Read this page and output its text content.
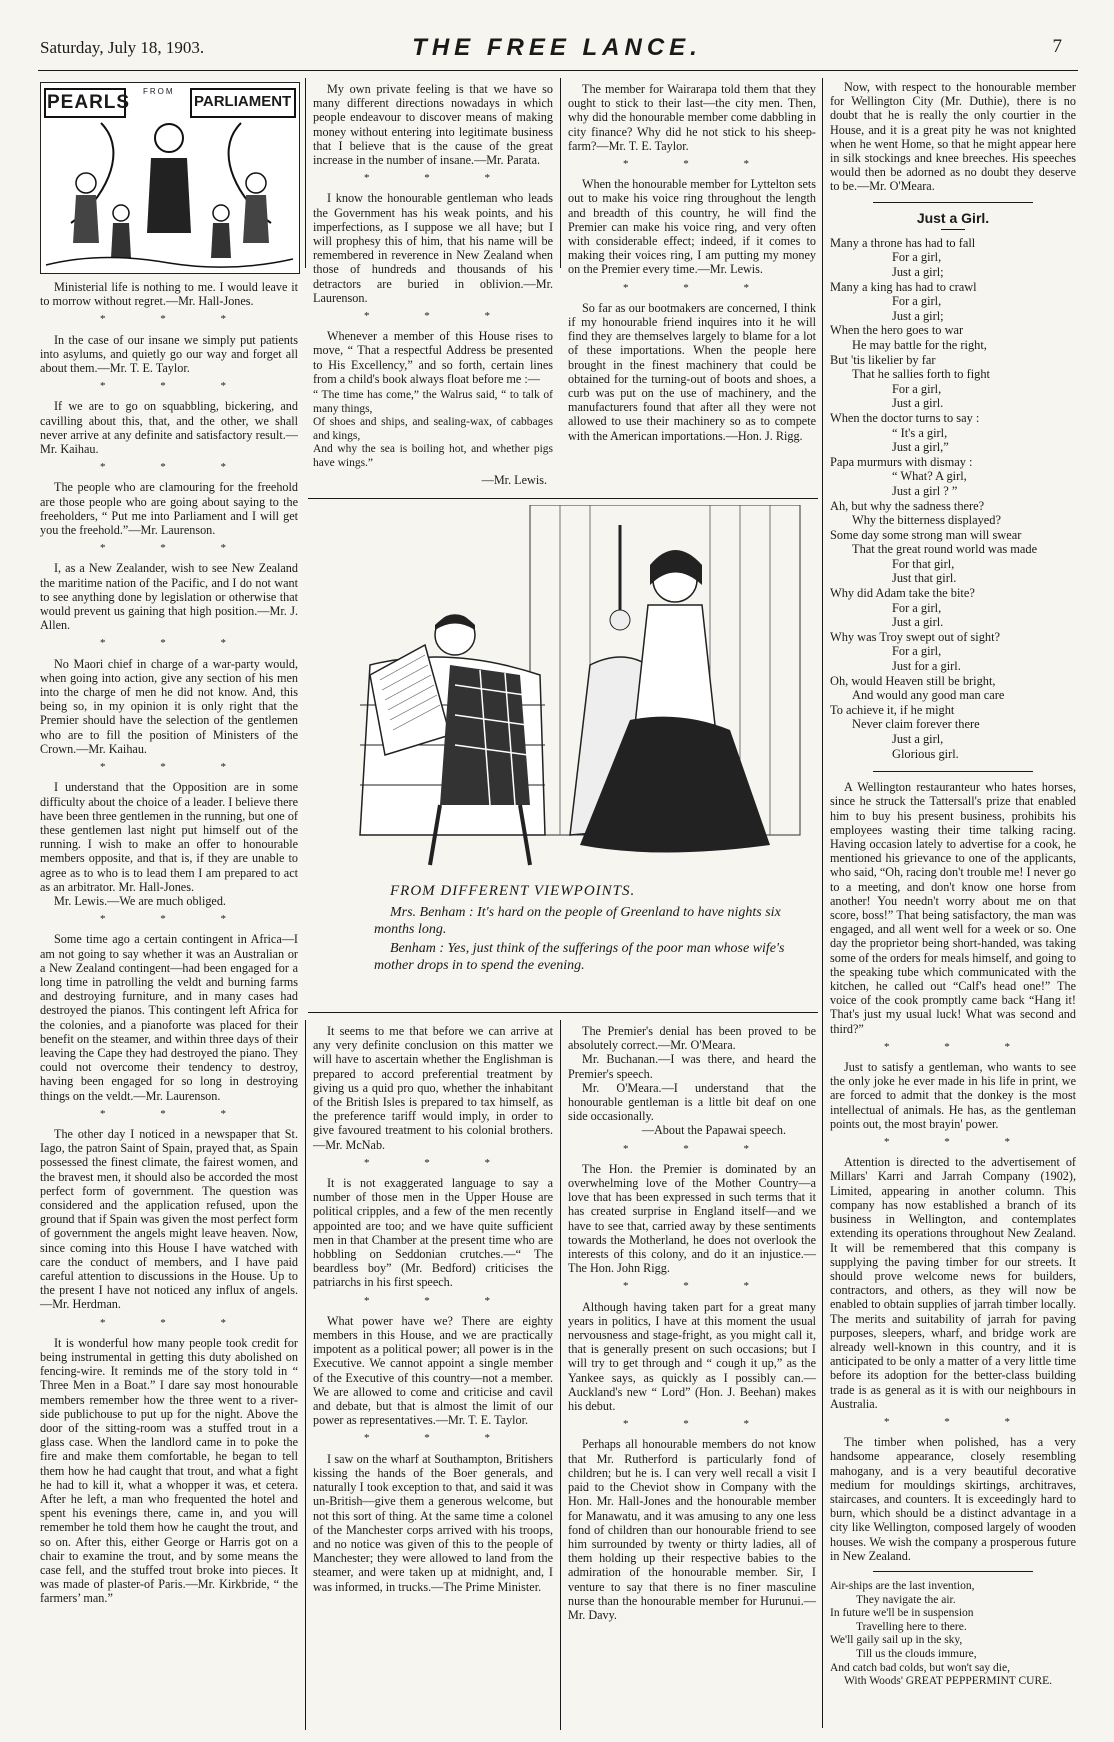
Saturday, July 18, 1903.	THE FREE LANCE.	7
PEARLS
FROM
PARLIAMENT

Ministerial life is nothing to me. I would leave it to morrow without regret.—Mr. Hall-Jones.

* * *

In the case of our insane we simply put patients into asylums, and quietly go our way and forget all about them.—Mr. T. E. Taylor.

* * *

If we are to go on squabbling, bickering, and cavilling about this, that, and the other, we shall never arrive at any definite and satisfactory result.—Mr. Kaihau.

* * *

The people who are clamouring for the freehold are those people who are going about saying to the freeholders, “ Put me into Parliament and I will get you the freehold.”—Mr. Laurenson.

* * *

I, as a New Zealander, wish to see New Zealand the maritime nation of the Pacific, and I do not want to see anything done by legislation or otherwise that would prevent us gaining that high position.—Mr. J. Allen.

* * *

No Maori chief in charge of a war-party would, when going into action, give any section of his men into the charge of men he did not know. And, this being so, in my opinion it is only right that the Premier should have the selection of the gentlemen who are to fill the position of Ministers of the Crown.—Mr. Kaihau.

* * *

I understand that the Opposition are in some difficulty about the choice of a leader. I believe there have been three gentlemen in the running, but one of these gentlemen last night put himself out of the running. I wish to make an offer to honourable members opposite, and that is, if they are unable to agree as to who is to lead them I am prepared to act as an arbitrator. Mr. Hall-Jones.

Mr. Lewis.—We are much obliged.

* * *

Some time ago a certain contingent in Africa—I am not going to say whether it was an Australian or a New Zealand contingent—had been engaged for a long time in patrolling the veldt and burning farms and destroying furniture, and in many cases had destroyed the pianos. This contingent left Africa for the colonies, and a pianoforte was placed for their benefit on the steamer, and within three days of their leaving the Cape they had destroyed the piano. They could not overcome their tendency to destroy, having been engaged for so long in destroying things on the veldt.—Mr. Laurenson.

* * *

The other day I noticed in a newspaper that St. Iago, the patron Saint of Spain, prayed that, as Spain possessed the finest climate, the fairest women, and the bravest men, it should also be accorded the most perfect form of government. The question was considered and the application refused, upon the ground that if Spain was given the most perfect form of government the angels might leave heaven. Now, since coming into this House I have watched with care the conduct of members, and I have paid careful attention to discussions in the House. Up to the present I have not noticed any influx of angels.—Mr. Herdman.

* * *

It is wonderful how many people took credit for being instrumental in getting this duty abolished on fencing-wire. It reminds me of the story told in “ Three Men in a Boat.” I dare say most honourable members remember how the three went to a river-side publichouse to put up for the night. Above the door of the sitting-room was a stuffed trout in a glass case. When the landlord came in to poke the fire and make them comfortable, he began to tell them how he had caught that trout, and what a fight he had to kill it, what a whopper it was, et cetera. After he left, a man who frequented the hotel and spent his evenings there, came in, and you will remember he told them how he caught the trout, and so on. After this, either George or Harris got on a chair to examine the trout, and by some means the case fell, and the stuffed trout broke into pieces. It was made of plaster-of Paris.—Mr. Kirkbride, “ the farmers’ man.”

My own private feeling is that we have so many different directions nowadays in which people endeavour to discover means of making money without entering into legitimate business that I believe that is the cause of the great increase in the number of insane.—Mr. Parata.

* * *

I know the honourable gentleman who leads the Government has his weak points, and his imperfections, as I suppose we all have; but I will prophesy this of him, that his name will be remembered in reverence in New Zealand when those of hundreds and thousands of his detractors are buried in oblivion.—Mr. Laurenson.

* * *

Whenever a member of this House rises to move, “ That a respectful Address be presented to His Excellency,” and so forth, certain lines from a child's book always float before me :—

“ The time has come,” the Walrus said, “ to talk of many things,
Of shoes and ships, and sealing-wax, of cabbages and kings,
And why the sea is boiling hot, and whether pigs have wings.”
—Mr. Lewis.

The member for Wairarapa told them that they ought to stick to their last—the city men. Then, why did the honourable member come dabbling in city finance? Why did he not stick to his sheep-farm?—Mr. T. E. Taylor.

* * *

When the honourable member for Lyttelton sets out to make his voice ring throughout the length and breadth of this country, he will find the Premier can make his voice ring, and very often with considerable effect; indeed, if it comes to making their voices ring, I am putting my money on the Premier every time.—Mr. Lewis.

* * *

So far as our bootmakers are concerned, I think if my honourable friend inquires into it he will find they are themselves largely to blame for a lot of these importations. When the people here brought in the finest machinery that could be obtained for the turning-out of boots and shoes, a curb was put on the use of machinery, and the manufacturers found that after all they were not allowed to use their machinery so as to compete with the American importations.—Hon. J. Rigg.

FROM DIFFERENT VIEWPOINTS.
Mrs. Benham : It's hard on the people of Greenland to have nights six months long.
Benham : Yes, just think of the sufferings of the poor man whose wife's mother drops in to spend the evening.

It seems to me that before we can arrive at any very definite conclusion on this matter we will have to ascertain whether the Englishman is prepared to accord preferential treatment by giving us a quid pro quo, whether the inhabitant of the British Isles is prepared to tax himself, as the preference tariff would imply, in order to give favoured treatment to his colonial brothers.—Mr. McNab.

* * *

It is not exaggerated language to say a number of those men in the Upper House are political cripples, and a few of the men recently appointed are too; and we have quite sufficient men in that Chamber at the present time who are hobbling on Seddonian crutches.—“ The beardless boy” (Mr. Bedford) criticises the patriarchs in his first speech.

* * *

What power have we? There are eighty members in this House, and we are practically impotent as a political power; all power is in the Executive. We cannot appoint a single member of the Executive of this country—not a member. We are allowed to come and criticise and cavil and debate, but that is almost the limit of our power as representatives.—Mr. T. E. Taylor.

* * *

I saw on the wharf at Southampton, Britishers kissing the hands of the Boer generals, and naturally I took exception to that, and said it was un-British—give them a generous welcome, but not this sort of thing. At the same time a colonel of the Manchester corps arrived with his troops, and no notice was given of this to the people of Manchester; they were allowed to land from the steamer, and were taken up at midnight, and, I was informed, in trucks.—The Prime Minister.

The Premier's denial has been proved to be absolutely correct.—Mr. O'Meara.

Mr. Buchanan.—I was there, and heard the Premier's speech.

Mr. O'Meara.—I understand that the honourable gentleman is a little bit deaf on one side occasionally.

—About the Papawai speech.
* * *

The Hon. the Premier is dominated by an overwhelming love of the Mother Country—a love that has been expressed in such terms that it has created surprise in England itself—and we have to see that, carried away by these sentiments towards the Motherland, he does not overlook the interests of this colony, and do it an injustice.—The Hon. John Rigg.

* * *

Although having taken part for a great many years in politics, I have at this moment the usual nervousness and stage-fright, as you might call it, that is generally present on such occasions; but I will try to get through and “ cough it up,” as the Yankee says, as quickly as I possibly can.—Auckland's new “ Lord” (Hon. J. Beehan) makes his debut.

* * *

Perhaps all honourable members do not know that Mr. Rutherford is particularly fond of children; but he is. I can very well recall a visit I paid to the Cheviot show in Company with the Hon. Mr. Hall-Jones and the honourable member for Manawatu, and it was amusing to any one less fond of children than our honourable friend to see him surrounded by twenty or thirty ladies, all of them holding up their respective babies to the admiration of the honourable member. Sir, I venture to say that there is no finer masculine nurse than the honourable member for Hurunui.—Mr. Davy.

Now, with respect to the honourable member for Wellington City (Mr. Duthie), there is no doubt that he is really the only courtier in the House, and it is a great pity he was not knighted when he went Home, so that he might appear here in silk stockings and knee breeches. His speeches would then be adorned as no doubt they deserve to be.—Mr. O'Meara.

Just a Girl.
Many a throne has had to fall
For a girl,
Just a girl;
Many a king has had to crawl
For a girl,
Just a girl;
When the hero goes to war
He may battle for the right,
But 'tis likelier by far
That he sallies forth to fight
For a girl,
Just a girl.
When the doctor turns to say :
“ It's a girl,
Just a girl,”
Papa murmurs with dismay :
“ What? A girl,
Just a girl ? ”
Ah, but why the sadness there?
Why the bitterness displayed?
Some day some strong man will swear
That the great round world was made
For that girl,
Just that girl.
Why did Adam take the bite?
For a girl,
Just a girl.
Why was Troy swept out of sight?
For a girl,
Just for a girl.
Oh, would Heaven still be bright,
And would any good man care
To achieve it, if he might
Never claim forever there
Just a girl,
Glorious girl.

A Wellington restauranteur who hates horses, since he struck the Tattersall's prize that enabled him to buy his present business, prohibits his employees wasting their time talking racing. Having occasion lately to advertise for a cook, he mentioned his grievance to one of the applicants, who said, “Oh, racing don't trouble me! I never go to a meeting, and don't know one horse from another! You needn't worry about me on that score, boss!” That being satisfactory, the man was engaged, and all went well for a week or so. One day the proprietor being short-handed, was taking some of the orders for meals himself, and going to the speaking tube which communicated with the kitchen, he called out “Calf's head one!” The voice of the cook promptly came back “Hang it! That's just my usual luck! What was second and third?”

* * *

Just to satisfy a gentleman, who wants to see the only joke he ever made in his life in print, we are forced to admit that the donkey is the most intellectual of animals. He has, as the gentleman points out, the most brayin' power.

* * *

Attention is directed to the advertisement of Millars' Karri and Jarrah Company (1902), Limited, appearing in another column. This company has now established a branch of its business in Wellington, and contemplates extending its operations throughout New Zealand. It will be remembered that this company is supplying the paving timber for our streets. It should prove welcome news for builders, contractors, and others, as they will now be enabled to obtain supplies of jarrah timber locally. The merits and suitability of jarrah for paving purposes, sleepers, wharf, and bridge work are already well-known in this country, and it is anticipated to be only a matter of a very little time before its adoption for the better-class building trade is as general as it is with our neighbours in Australia.

* * *

The timber when polished, has a very handsome appearance, closely resembling mahogany, and is a very beautiful decorative medium for mouldings skirtings, architraves, staircases, and counters. It is exceedingly hard to burn, which should be a distinct advantage in a city like Wellington, composed largely of wooden houses. We wish the company a prosperous future in New Zealand.

Air-ships are the last invention,
They navigate the air.
In future we'll be in suspension
Travelling here to there.
We'll gaily sail up in the sky,
Till us the clouds immure,
And catch bad colds, but won't say die,
With Woods' GREAT PEPPERMINT CURE.
